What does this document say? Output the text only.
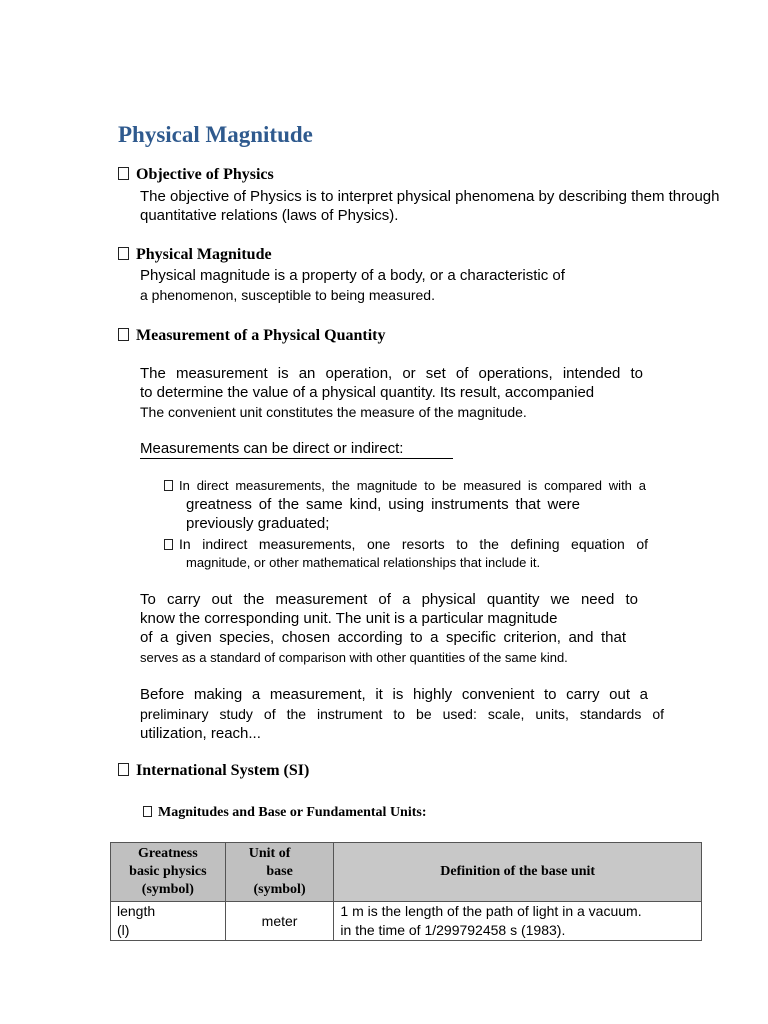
Physical Magnitude
Objective of Physics
The objective of Physics is to interpret physical phenomena by describing them through
quantitative relations (laws of Physics).
Physical Magnitude
Physical magnitude is a property of a body, or a characteristic of
a phenomenon, susceptible to being measured.
Measurement of a Physical Quantity
The measurement is an operation, or set of operations, intended to
to determine the value of a physical quantity. Its result, accompanied
The convenient unit constitutes the measure of the magnitude.
Measurements can be direct or indirect:
In direct measurements, the magnitude to be measured is compared with a
greatness of the same kind, using instruments that were
previously graduated;
In indirect measurements, one resorts to the defining equation of
magnitude, or other mathematical relationships that include it.
To carry out the measurement of a physical quantity we need to
know the corresponding unit. The unit is a particular magnitude
of a given species, chosen according to a specific criterion, and that
serves as a standard of comparison with other quantities of the same kind.
Before making a measurement, it is highly convenient to carry out a
preliminary study of the instrument to be used: scale, units, standards of
utilization, reach...
International System (SI)
Magnitudes and Base or Fundamental Units:
Greatness
basic physics
(symbol)	Unit of
base
(symbol)	Definition of the base unit

length
(l)	meter	1 m is the length of the path of light in a vacuum.
in the time of 1/299792458 s (1983).
